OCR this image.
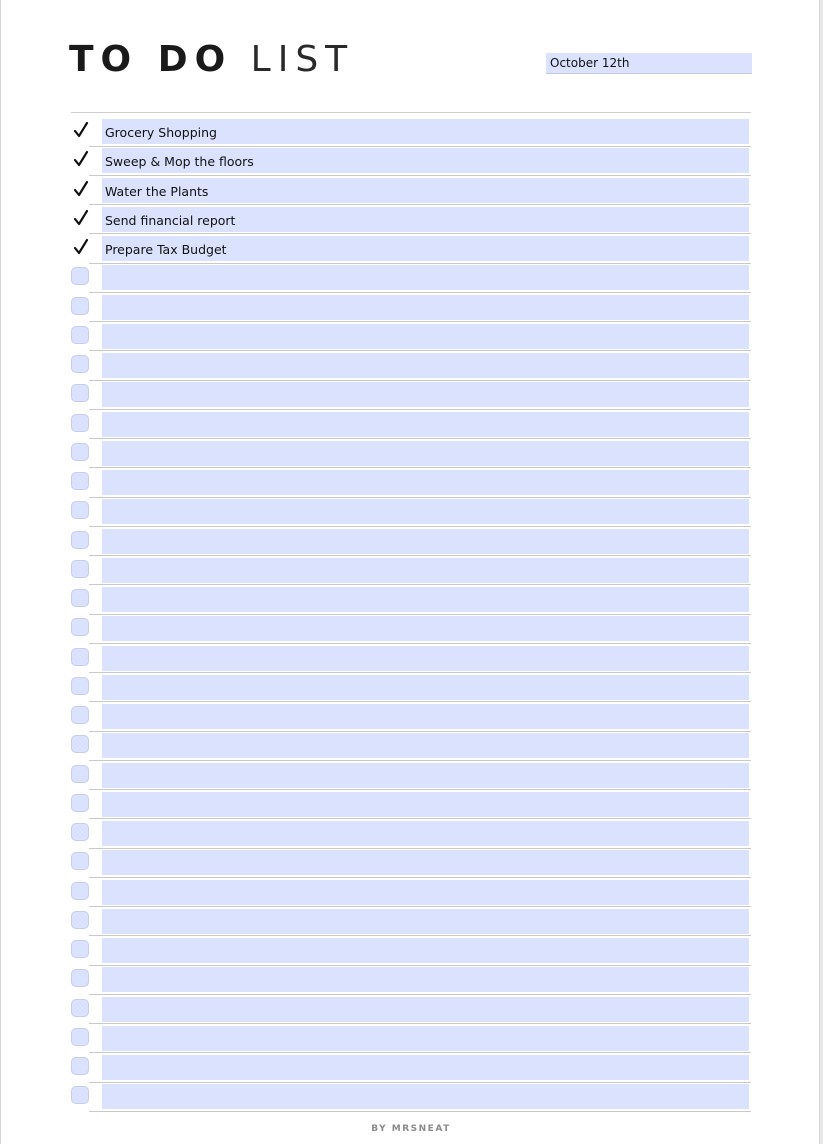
TO DO LIST	October 12th
Grocery Shopping
Sweep & Mop the floors
Water the Plants
Send financial report
Prepare Tax Budget
BY MRSNEAT
